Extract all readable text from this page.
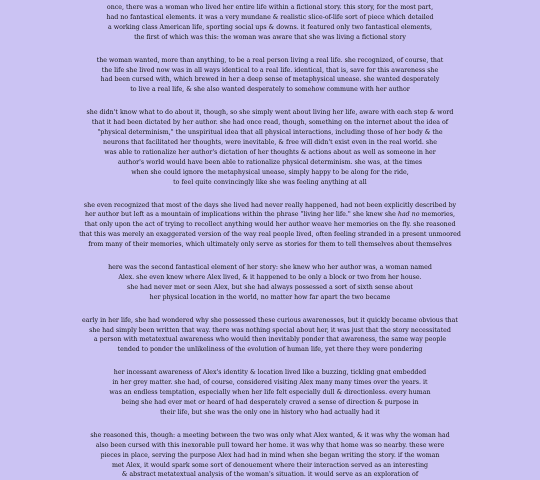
once, there was a woman who lived her entire life within a fictional story. this story, for the most part,
had no fantastical elements. it was a very mundane & realistic slice-of-life sort of piece which detailed
a working class American life, sporting social ups & downs. it featured only two fantastical elements,
the first of which was this: the woman was aware that she was living a fictional story

the woman wanted, more than anything, to be a real person living a real life. she recognized, of course, that
the life she lived now was in all ways identical to a real life. identical, that is, save for this awareness she
had been cursed with, which brewed in her a deep sense of metaphysical unease. she wanted desperately
to live a real life, & she also wanted desperately to somehow commune with her author

she didn't know what to do about it, though, so she simply went about living her life, aware with each step & word
that it had been dictated by her author. she had once read, though, something on the internet about the idea of
"physical determinism," the unspiritual idea that all physical interactions, including those of her body & the
neurons that facilitated her thoughts, were inevitable, & free will didn't exist even in the real world. she
was able to rationalize her author's dictation of her thoughts & actions about as well as someone in her
author's world would have been able to rationalize physical determinism. she was, at the times
when she could ignore the metaphysical unease, simply happy to be along for the ride,
to feel quite convincingly like she was feeling anything at all

she even recognized that most of the days she lived had never really happened, had not been explicitly described by
her author but left as a mountain of implications within the phrase "living her life." she knew she had no memories,
that only upon the act of trying to recollect anything would her author weave her memories on the fly. she reasoned
that this was merely an exaggerated version of the way real people lived, often feeling stranded in a present unmoored
from many of their memories, which ultimately only serve as stories for them to tell themselves about themselves

here was the second fantastical element of her story: she knew who her author was, a woman named
Alex. she even knew where Alex lived, & it happened to be only a block or two from her house.
she had never met or seen Alex, but she had always possessed a sort of sixth sense about
her physical location in the world, no matter how far apart the two became

early in her life, she had wondered why she possessed these curious awarenesses, but it quickly became obvious that
she had simply been written that way. there was nothing special about her, it was just that the story necessitated
a person with metatextual awareness who would then inevitably ponder that awareness, the same way people
tended to ponder the unlikeliness of the evolution of human life, yet there they were pondering

her incessant awareness of Alex's identity & location lived like a buzzing, tickling gnat embedded
in her grey matter. she had, of course, considered visiting Alex many many times over the years. it
was an endless temptation, especially when her life felt especially dull & directionless. every human
being she had ever met or heard of had desperately craved a sense of direction & purpose in
their life, but she was the only one in history who had actually had it

she reasoned this, though: a meeting between the two was only what Alex wanted, & it was why the woman had
also been cursed with this inexorable pull toward her home. it was why that home was so nearby. these were
pieces in place, serving the purpose Alex had had in mind when she began writing the story. if the woman
met Alex, it would spark some sort of denouement where their interaction served as an interesting
& abstract metatextual analysis of the woman's situation. it would serve as an exploration of
